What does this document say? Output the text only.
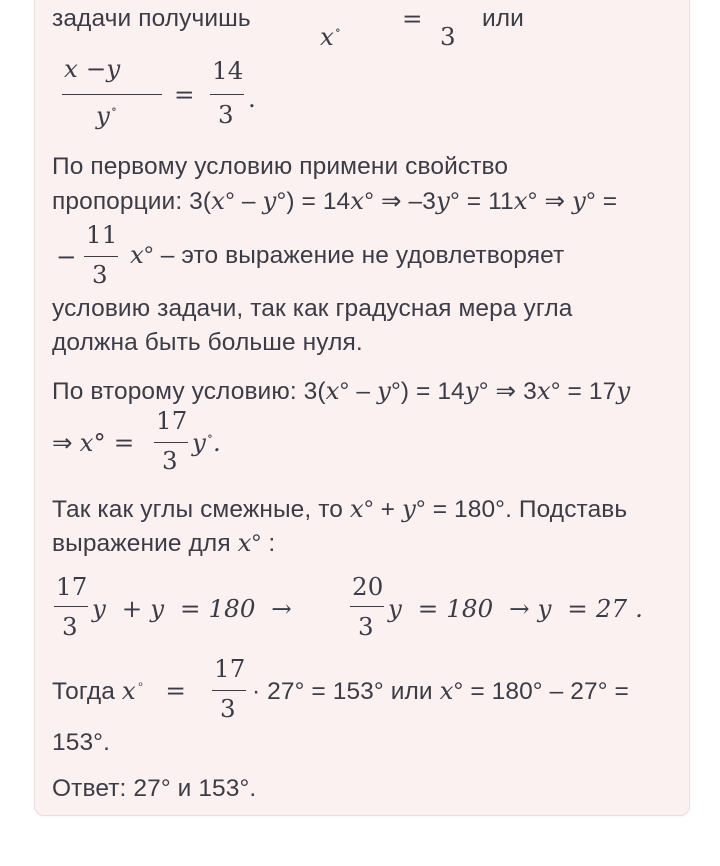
задачи получишь
x∘ =
3
или
x −y
y∘ =
14
3
.
По первому условию примени свойство
пропорции: 3(x° – y°) = 14x° ⇒ –3y° = 11x° ⇒ y° =
−
11
3
x° – это выражение не удовлетворяет
условию задачи, так как градусная мера угла
должна быть больше нуля.
По второму условию: 3(x° – y°) = 14y° ⇒ 3x° = 17y
⇒ x° =
17
3
y∘.
Так как углы смежные, то x° + y° = 180°. Подставь
выражение для x° :
17
3
y  + y  = 180  →
20
3
y  = 180  → y  = 27 .
Тогда x∘ =
17
3
· 27° = 153° или x° = 180° – 27° =
153°.
Ответ: 27° и 153°.
